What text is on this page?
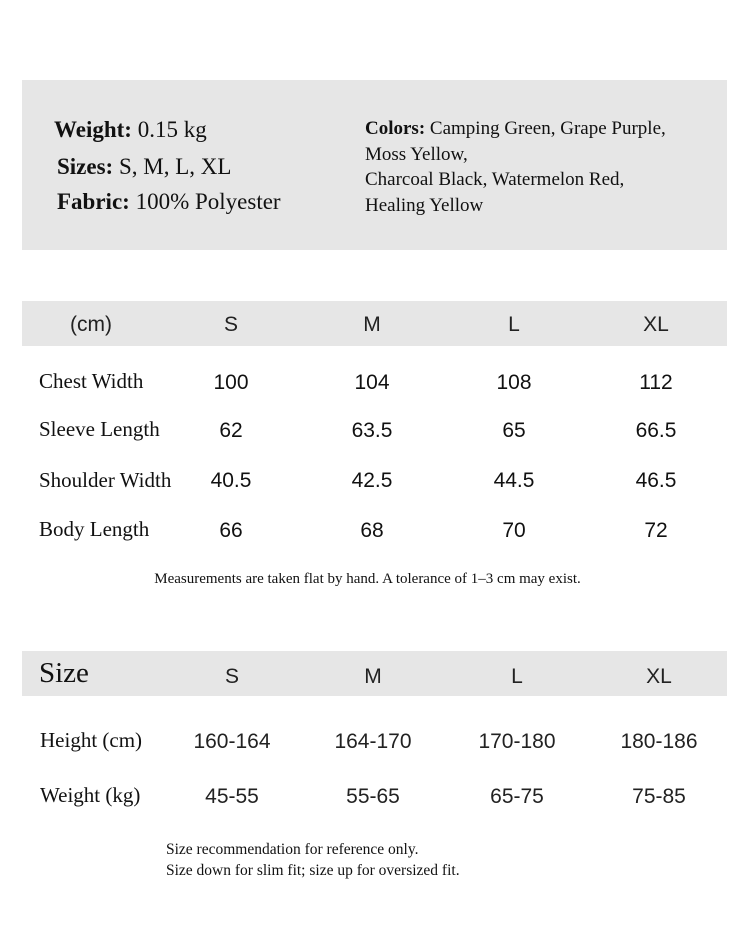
Weight: 0.15 kg
Sizes: S, M, L, XL
Fabric: 100% Polyester
Colors: Camping Green, Grape Purple,
Moss Yellow,
Charcoal Black, Watermelon Red,
Healing Yellow
(cm)	S	M	L	XL
Chest Width	100	104	108	112
Sleeve Length	62	63.5	65	66.5
Shoulder Width	40.5	42.5	44.5	46.5
Body Length	66	68	70	72
Measurements are taken flat by hand. A tolerance of 1–3 cm may exist.
Size	S	M	L	XL
Height (cm)	160-164	164-170	170-180	180-186
Weight (kg)	45-55	55-65	65-75	75-85
Size recommendation for reference only.
Size down for slim fit; size up for oversized fit.
